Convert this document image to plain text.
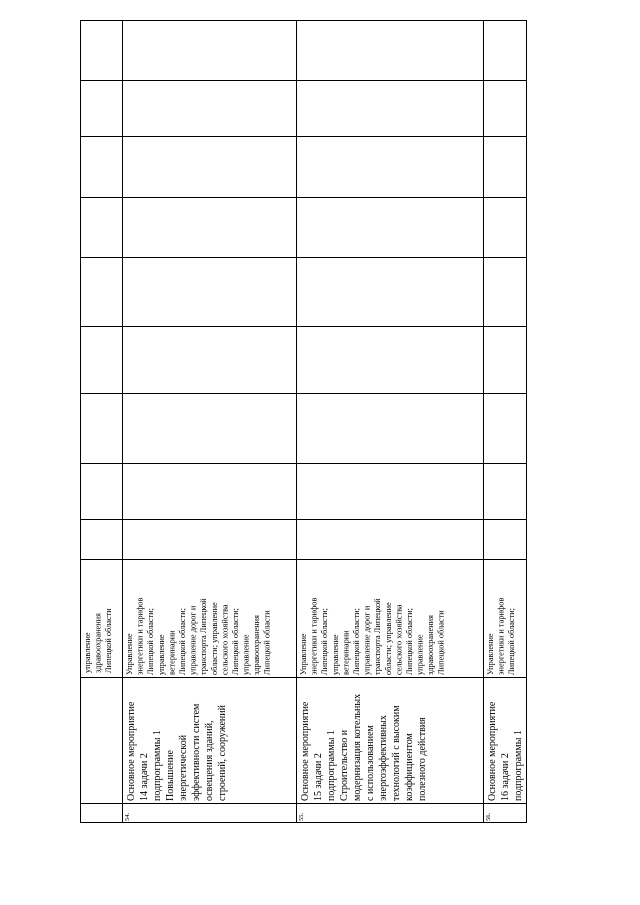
управление
здравоохранения
Липецкой области
54.
Основное мероприятие
14 задачи 2
подпрограммы 1
Повышение
энергетической
эффективности систем
освещения зданий,
строений, сооружений
Управление
энергетики и тарифов
Липецкой области;
управление
ветеринарии
Липецкой области;
управление дорог и
транспорта Липецкой
области; управление
сельского хозяйства
Липецкой области;
управление
здравоохранения
Липецкой области
55.
Основное мероприятие
15 задачи 2
подпрограммы 1
Строительство и
модернизация котельных
с использованием
энергоэффективных
технологий с высоким
коэффициентом
полезного действия
Управление
энергетики и тарифов
Липецкой области;
управление
ветеринарии
Липецкой области;
управление дорог и
транспорта Липецкой
области; управление
сельского хозяйства
Липецкой области;
управление
здравоохранения
Липецкой области
56.
Основное мероприятие
16 задачи 2
подпрограммы 1
Управление
энергетики и тарифов
Липецкой области;
